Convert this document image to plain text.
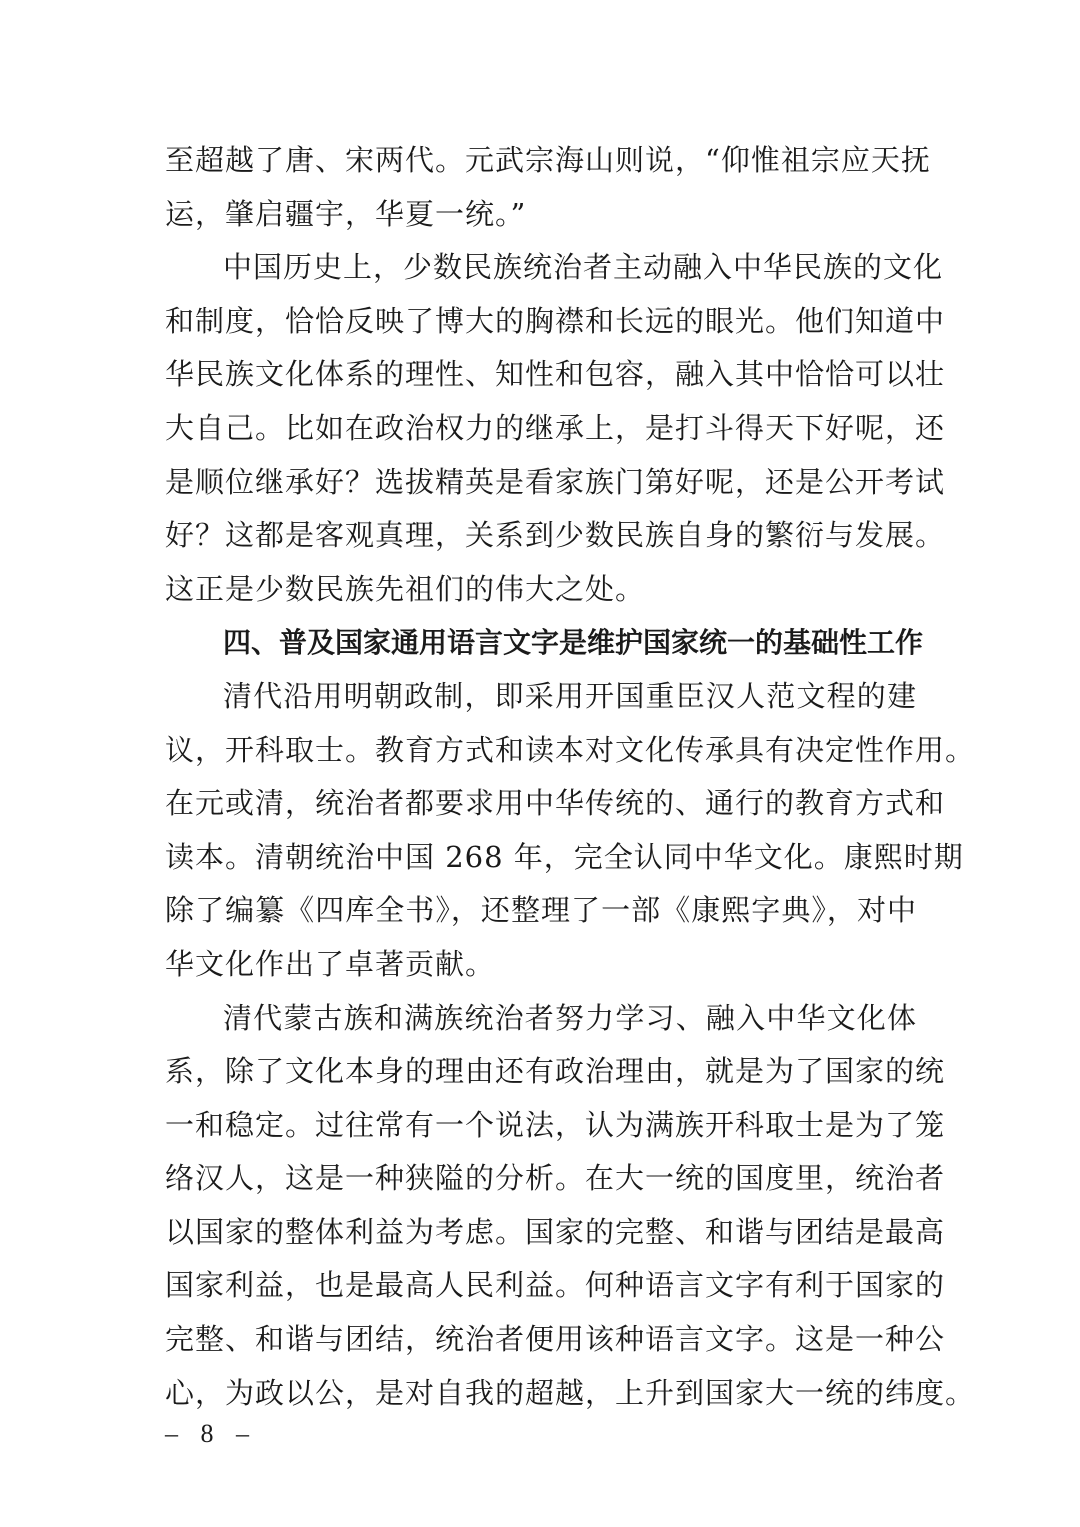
至超越了唐、宋两代。元武宗海山则说，“仰惟祖宗应天抚
运，肇启疆宇，华夏一统。”
中国历史上，少数民族统治者主动融入中华民族的文化
和制度，恰恰反映了博大的胸襟和长远的眼光。他们知道中
华民族文化体系的理性、知性和包容，融入其中恰恰可以壮
大自己。比如在政治权力的继承上，是打斗得天下好呢，还
是顺位继承好？选拔精英是看家族门第好呢，还是公开考试
好？这都是客观真理，关系到少数民族自身的繁衍与发展。
这正是少数民族先祖们的伟大之处。
四、普及国家通用语言文字是维护国家统一的基础性工作
清代沿用明朝政制，即采用开国重臣汉人范文程的建
议，开科取士。教育方式和读本对文化传承具有决定性作用。
在元或清，统治者都要求用中华传统的、通行的教育方式和
读本。清朝统治中国 268 年，完全认同中华文化。康熙时期
除了编纂《四库全书》，还整理了一部《康熙字典》，对中
华文化作出了卓著贡献。
清代蒙古族和满族统治者努力学习、融入中华文化体
系，除了文化本身的理由还有政治理由，就是为了国家的统
一和稳定。过往常有一个说法，认为满族开科取士是为了笼
络汉人，这是一种狭隘的分析。在大一统的国度里，统治者
以国家的整体利益为考虑。国家的完整、和谐与团结是最高
国家利益，也是最高人民利益。何种语言文字有利于国家的
完整、和谐与团结，统治者便用该种语言文字。这是一种公
心，为政以公，是对自我的超越，上升到国家大一统的纬度。
– 8 –
